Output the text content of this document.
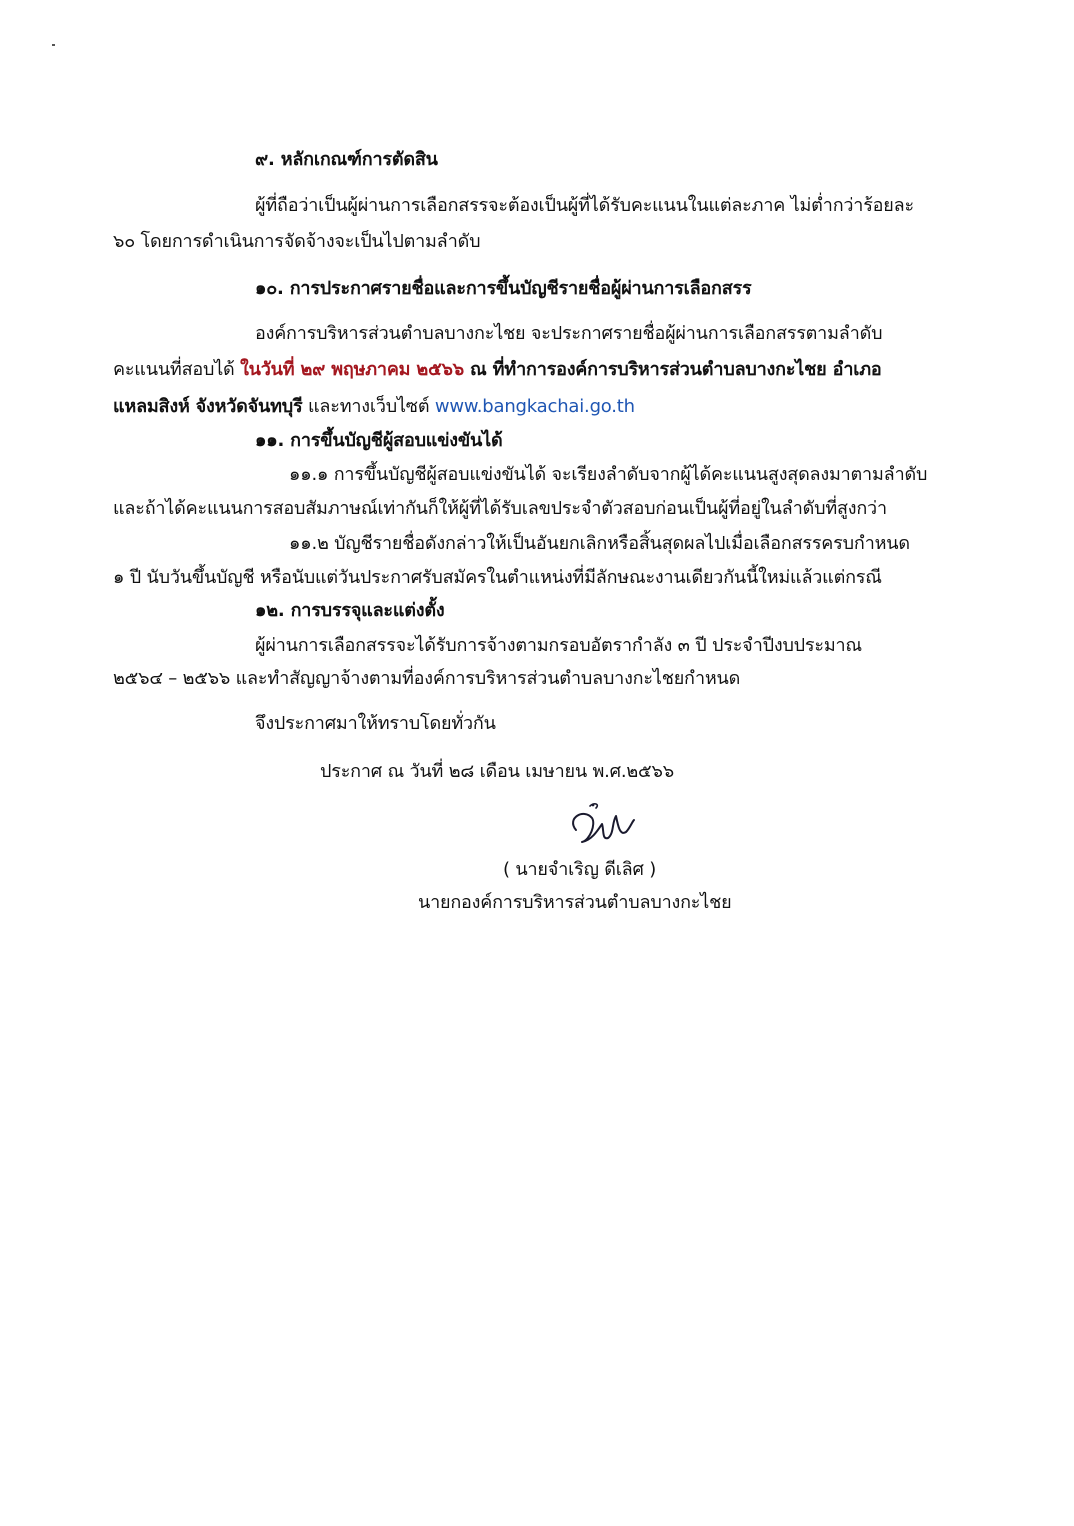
๙. หลักเกณฑ์การตัดสิน
ผู้ที่ถือว่าเป็นผู้ผ่านการเลือกสรรจะต้องเป็นผู้ที่ได้รับคะแนนในแต่ละภาค ไม่ต่ำกว่าร้อยละ
๖๐ โดยการดำเนินการจัดจ้างจะเป็นไปตามลำดับ
๑๐. การประกาศรายชื่อและการขึ้นบัญชีรายชื่อผู้ผ่านการเลือกสรร
องค์การบริหารส่วนตำบลบางกะไชย จะประกาศรายชื่อผู้ผ่านการเลือกสรรตามลำดับ
คะแนนที่สอบได้ ในวันที่ ๒๙ พฤษภาคม ๒๕๖๖ ณ ที่ทำการองค์การบริหารส่วนตำบลบางกะไชย อำเภอ
แหลมสิงห์ จังหวัดจันทบุรี และทางเว็บไซต์ www.bangkachai.go.th
๑๑. การขึ้นบัญชีผู้สอบแข่งขันได้
๑๑.๑ การขึ้นบัญชีผู้สอบแข่งขันได้ จะเรียงลำดับจากผู้ได้คะแนนสูงสุดลงมาตามลำดับ
และถ้าได้คะแนนการสอบสัมภาษณ์เท่ากันก็ให้ผู้ที่ได้รับเลขประจำตัวสอบก่อนเป็นผู้ที่อยู่ในลำดับที่สูงกว่า
๑๑.๒ บัญชีรายชื่อดังกล่าวให้เป็นอันยกเลิกหรือสิ้นสุดผลไปเมื่อเลือกสรรครบกำหนด
๑ ปี นับวันขึ้นบัญชี หรือนับแต่วันประกาศรับสมัครในตำแหน่งที่มีลักษณะงานเดียวกันนี้ใหม่แล้วแต่กรณี
๑๒. การบรรจุและแต่งตั้ง
ผู้ผ่านการเลือกสรรจะได้รับการจ้างตามกรอบอัตรากำลัง ๓ ปี ประจำปีงบประมาณ
๒๕๖๔ – ๒๕๖๖ และทำสัญญาจ้างตามที่องค์การบริหารส่วนตำบลบางกะไชยกำหนด
จึงประกาศมาให้ทราบโดยทั่วกัน
ประกาศ ณ วันที่ ๒๘ เดือน เมษายน พ.ศ.๒๕๖๖
( นายจำเริญ ดีเลิศ )
นายกองค์การบริหารส่วนตำบลบางกะไชย
